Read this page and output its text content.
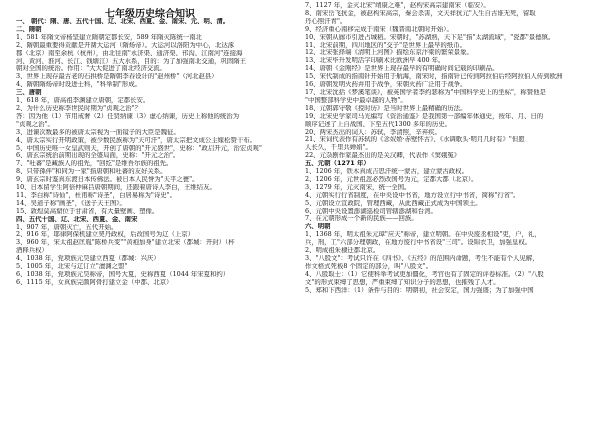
七年级历史综合知识
一、 朝代：隋、唐、五代十国、辽、北宋、西夏、金、南宋、元、明、清。
二、隋朝
1、581 年隋文帝杨坚建立隋朝定都长安，589 年隋灭陈统一南北
2、隋朝最重要得贡献是开凿大运河（隋炀帝）。大运河以洛阳为中心，北达涿
郡（北京）南至余杭（杭州），由北往南"永济渠、通济渠、邗沟、江南河"连接海
河、黄河、淮河、长江、钱塘江）五大水系，目的：为了加强南北交通，巩固隋王
朝对全国的统治。作用："大大促进了南北经济交流。
3、世界上现存最古老的石拱桥是隋朝李春设计的"赵州桥"（河北赵县）
4、隋朝隋炀帝时设进士科，"科举制"形成。
三、唐朝
1、618 年，唐高祖李渊建立唐朝，定都长安。
2、为什么历史称李世民时期为"贞观之治"？
答：因为他（1）节用戒奢（2）任贤纳谏（3）虚心纳谏，历史上称他的统治为
"贞观之治"。
3、进谏次数最多的被唐太宗视为一面镜子的大臣是魏征。
4、唐太宗实行开明政策，被少数民族称为"天可汗"，唐太宗把文成公主嫁松赞干布。
5、中国历史唯一女皇武则天，开创了唐朝的"开元盛世"，史称："政启开元，治宏贞观"
6、唐玄宗统治前期出现的全盛局面，史称："开元之治"。
7、"吐蕃"是藏族人的祖先，"回纥"是维吾尔族的祖先。
8、只带孫伴"和同为一家"指唐朝和吐蕃的友好关系。
9、唐玄宗时鉴真东渡日本传佛法。被日本人民誉为"天平之甍"。
10、日本留学生阿倍仲麻吕唐朝期间，还跟着唐诗人李白，王维结友。
11、李白称"诗仙"，杜甫称"诗圣"，白居易称为"诗史"。
14、吴道子称"画圣"，《送子天王图》。
15、敦煌莫高窟位于甘肃省，有大量壁画、塑像。
四、五代十国、辽、北宋、西夏、金、南宋
1、907 年，唐朝灭亡，五代开始。
2、916 年，耶律阿保机建立契丹政权，后改国号为辽（上京）
3、960 年，宋太祖赵匡胤"陈桥兵变""黄袍加身"建立北宋（都城：开封）（杯
酒释兵权）
4、1038 年，党项族元昊建立西夏（都城：兴庆）
5、1005 年，北宋与辽订立"澶渊之盟"
6、1038 年，党项族元昊称帝，国号大夏，史称西夏（1044 年宋夏和约）
6、1115 年，女真族完颜阿骨打建立金（中都、北京）
7、1127 年，金灭北宋"靖康之难"，赵构宋高宗建南宋（临安）。
8、南宋岳飞抗金，被赵构宋高宗，秦会杀害，文天祥抗元"人生自古谁无死，留取
丹心照汗青"。
9、经济重心南移完成于南宋（魏晋南北朝时开始）。
10、宋朝从廊市引进占城稻。宋朝时，"苏湖熟，天下足"指"太湖流域"，"瓷都"景德镇。
11、北宋前期，四川地区的"交子"是世界上最早的纸币。
12、北宋张择端《清明上河图》描绘东京汴梁的繁荣景象。
13、北宋毕升发明活字印刷术比欧洲早 400 年。
14、唐朝《金刚经》是世界上现存最早的有明确时间记载的印刷品。
15、宋代制成的指南针开始用于航海，南宋时，指南针已传到阿拉伯后经阿拉伯人传到欧洲
16、唐朝发明火药并用于战争，宋朝火药广泛用于战争。
17、北宋沈括《梦溪笔谈》，被英国学者李约瑟称为"中国科学史上的坐标"，称赞他是
"中国整部科学史中最卓越的人物"。
18、元朝郭守敬《授时历》是当时世界上最精确的历法。
19、北宋史学家司马光编写《资治通鉴》是我国第一部编年体通史，按年、月、日的
顺序记述了上自战国、下至五代1300 多年的历史。
20、两宋杰出的词人：苏轼，李清照，辛弃疾。
21、宋词代表作有苏轼的《念奴娇·赤壁怀古》、《水调歌头·明月几时有》"但愿
人长久，千里共婵娟"。
22、元杂剧作家最杰出的是关汉卿，代表作《窦娥冤》
五、元朝（1271 年）
1、1206 年，铁木真成吉思汗统一蒙古，建立蒙古政权。
2、1206 年，元世祖忽必烈改国号为元，定都大都（北京）。
3、1279 年，元灭南宋，统一全国。
4、元朝实行行省制度，在中央设中书省，地方设立行中书省，简称"行省"。
5、元朝设立宣政院，管理西藏，从此西藏正式成为中国领土。
6、元朝中央设置澎湖巡检司管辖澎湖和台湾。
7、在元朝形成一个新的民族——回族。
六、明朝
1、1368 年，明太祖朱元璋"应天"称帝，建立明朝。在中央废丞相设"吏，户，礼，
兵，刑，工"六部分理朝政，在地方废行中书省设"三司"。设锦衣卫，加强皇权。
2、明成祖朱棣迁都北京。
3、"八股文"：考试只许在《四书》、《五经》的范围内命题，考生不能有个人见解，
作文格式死板8 个固定的部分，叫"八股文"。
4、八股取士：（1）它使科举考试更加僵化，考官也有了固定的评卷标准。（2）"八股
文"的形式束缚了思想，严重束缚了知识分子的思想，也摧残了人才。
5、郑和下西洋：（1）条件与目的：明朝初，社会安定，国力强盛；为了加强中国
